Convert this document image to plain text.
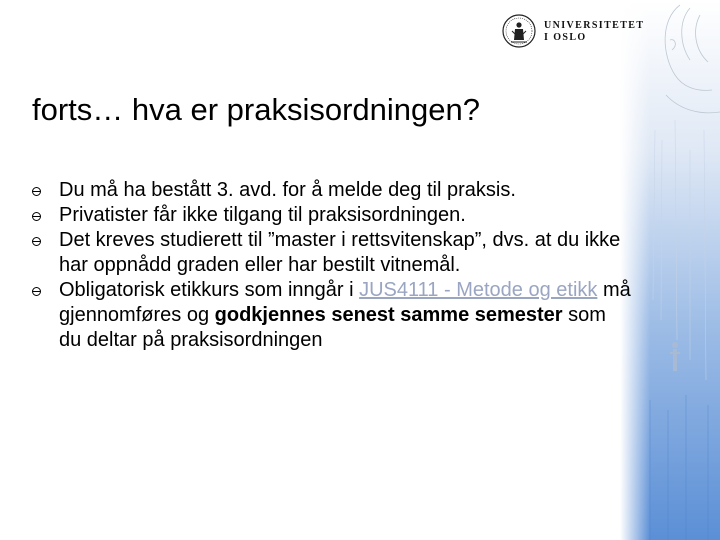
UNIVERSITETET
I OSLO
forts… hva er praksisordningen?
Du må ha bestått 3. avd. for å melde deg til praksis.
Privatister får ikke tilgang til praksisordningen.
Det kreves studierett til ”master i rettsvitenskap”, dvs. at du ikke har oppnådd graden eller har bestilt vitnemål.
Obligatorisk etikkurs som inngår i JUS4111 - Metode og etikk må gjennomføres og godkjennes senest samme semester som du deltar på praksisordningen
